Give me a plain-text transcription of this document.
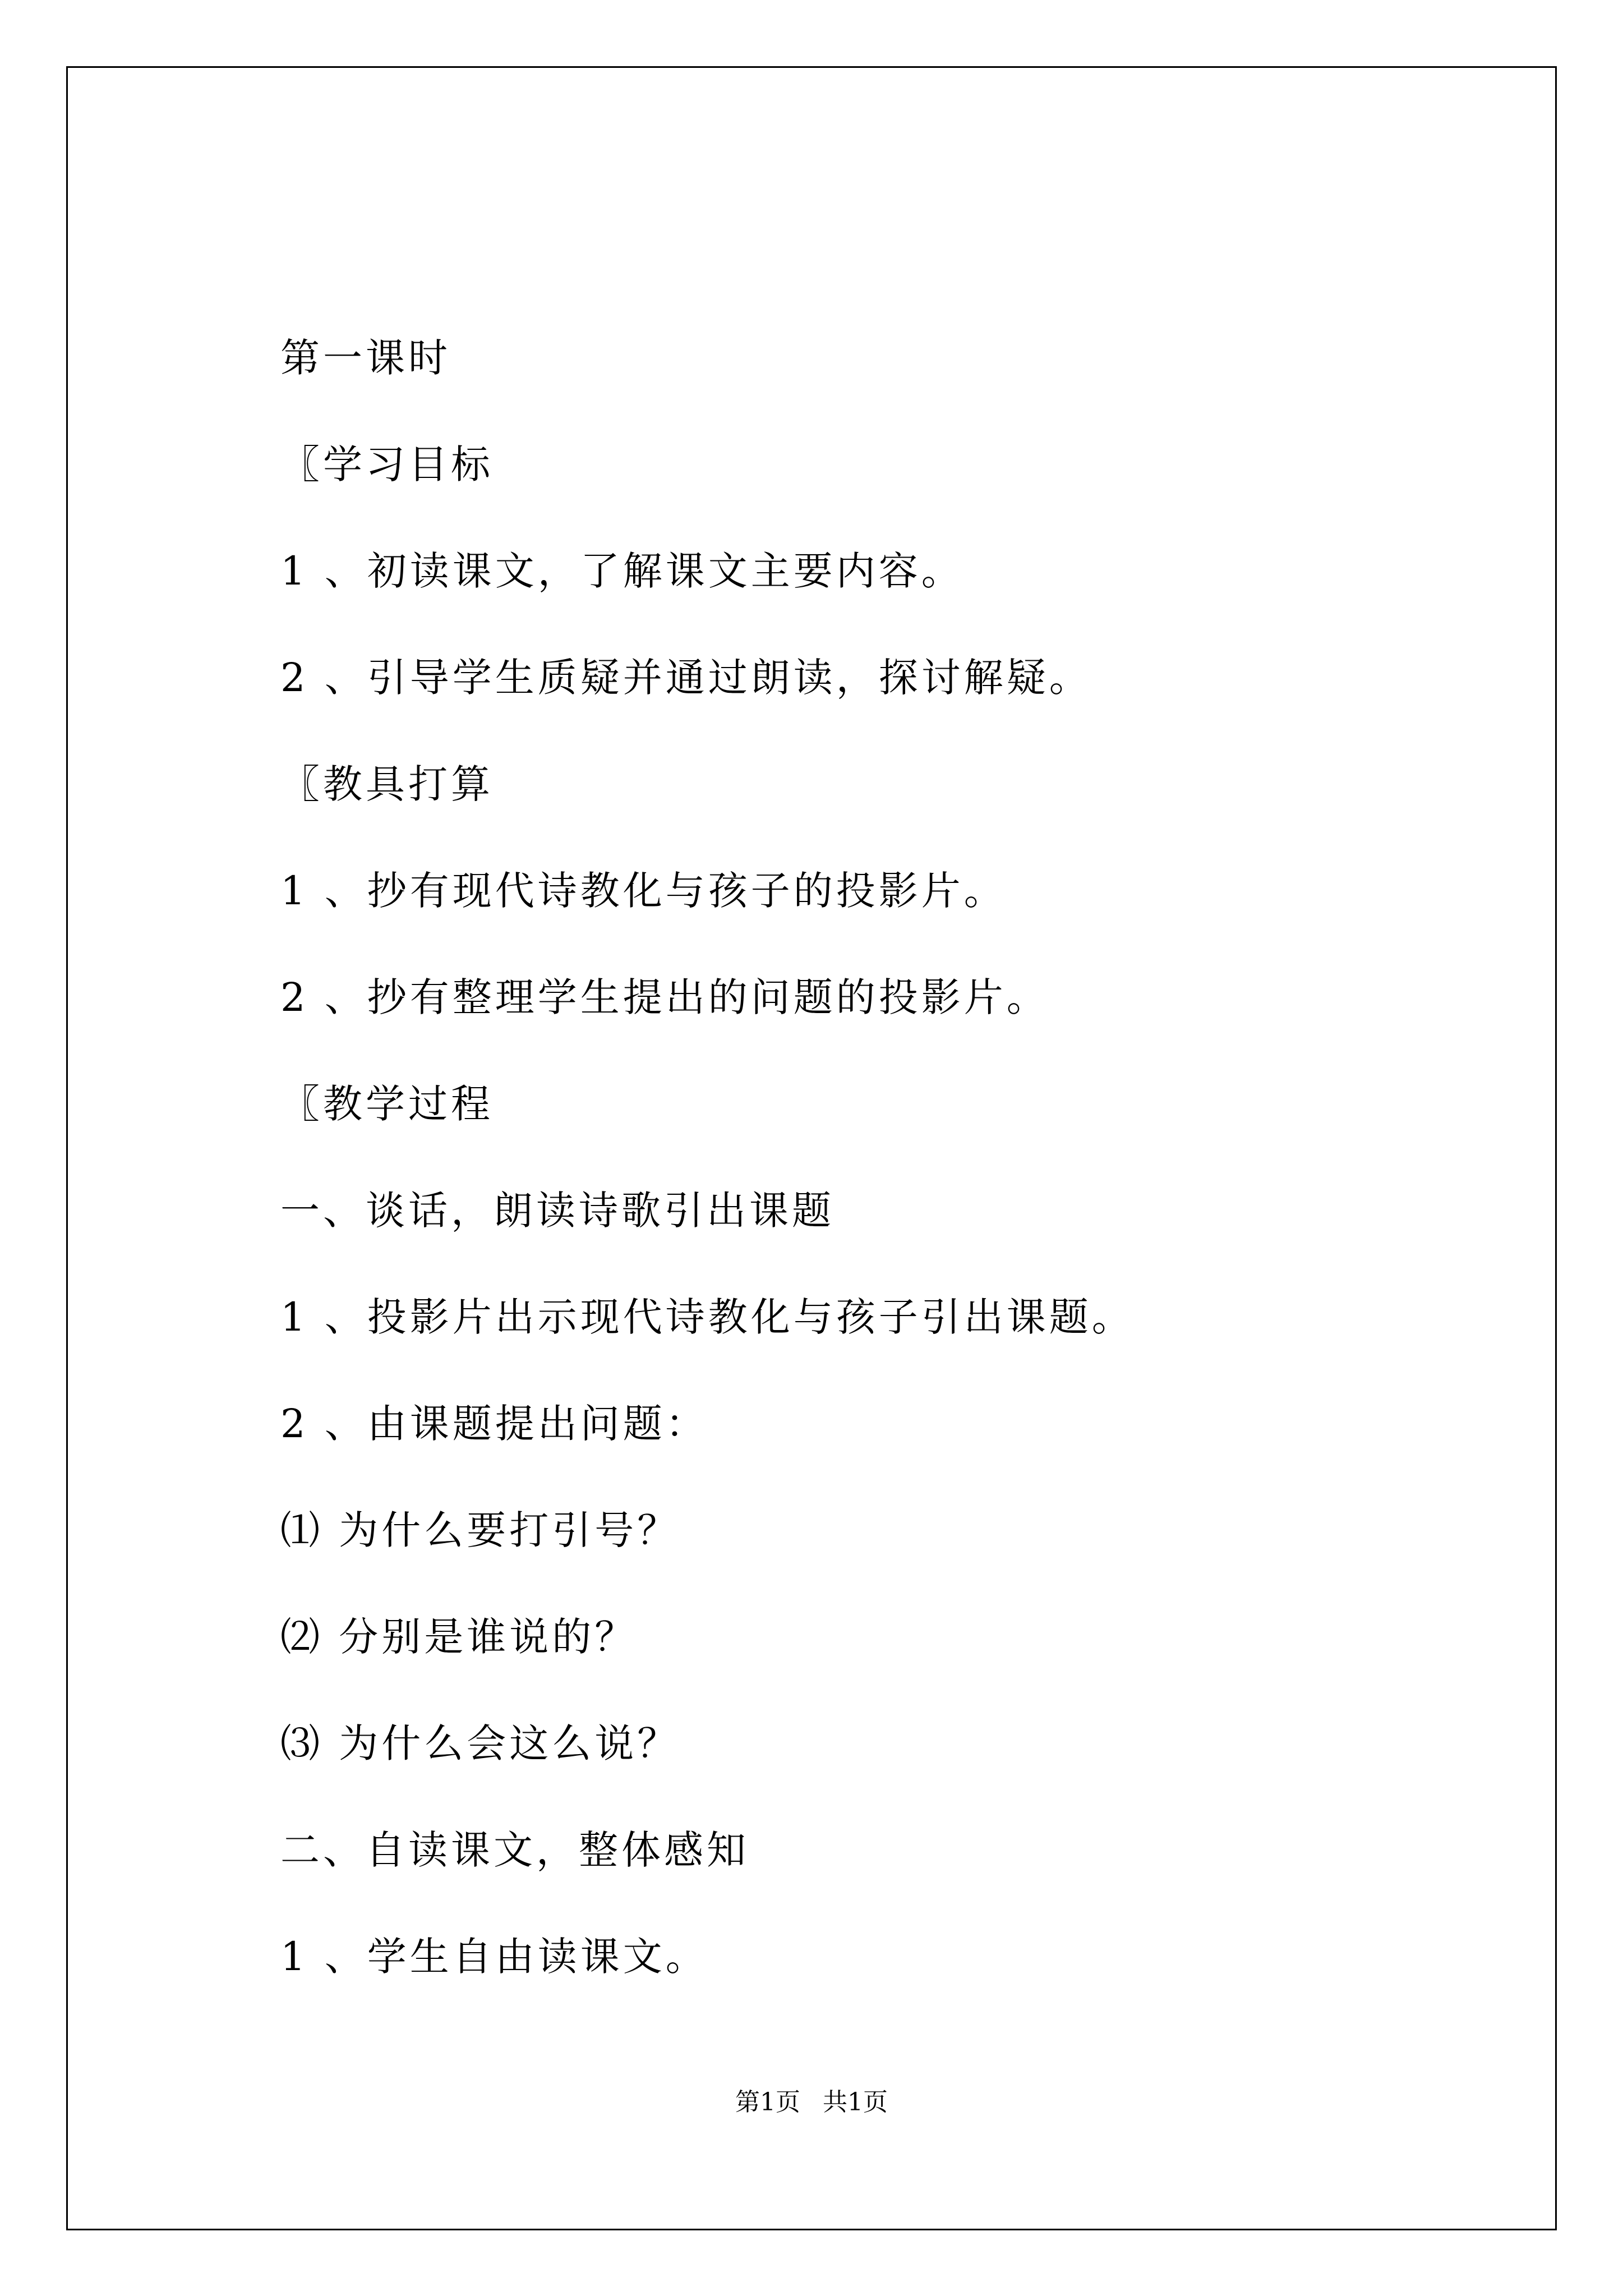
第一课时
〖学习目标
1 、初读课文，了解课文主要内容。
2 、引导学生质疑并通过朗读，探讨解疑。
〖教具打算
1 、抄有现代诗教化与孩子的投影片。
2 、抄有整理学生提出的问题的投影片。
〖教学过程
一、谈话，朗读诗歌引出课题
1 、投影片出示现代诗教化与孩子引出课题。
2 、由课题提出问题：
⑴ 为什么要打引号？
⑵ 分别是谁说的？
⑶ 为什么会这么说？
二、自读课文，整体感知
1 、学生自由读课文。
第1页 共1页
